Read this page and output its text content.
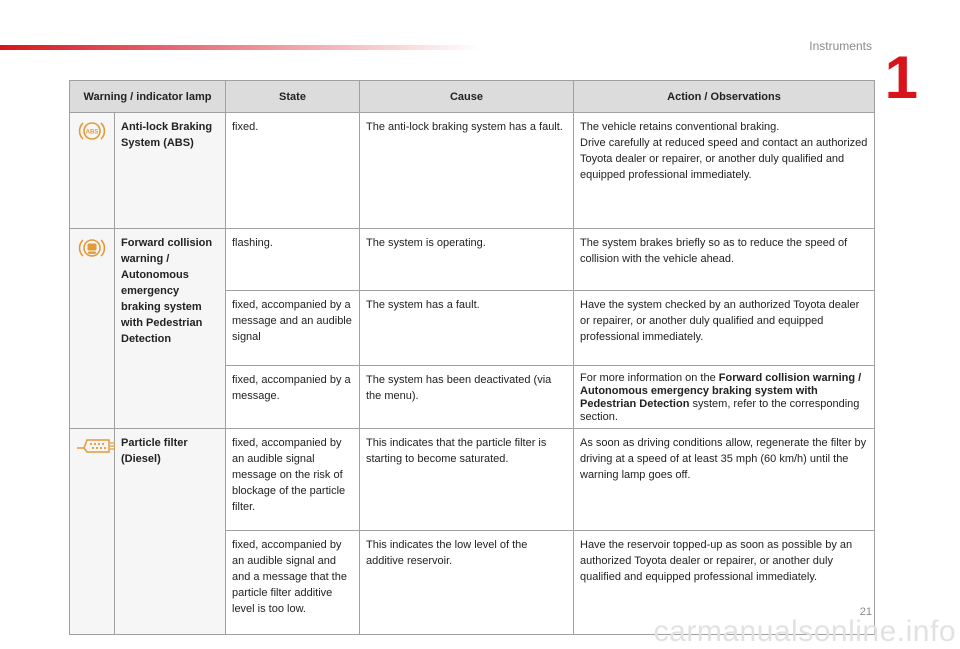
Instruments 1
Warning / indicator lamp		State	Cause	Action / Observations

ABS	Anti-lock Braking System (ABS)	fixed.	The anti-lock braking system has a fault.	The vehicle retains conventional braking.
Drive carefully at reduced speed and contact an authorized Toyota dealer or repairer, or another duly qualified and equipped professional immediately.
	Forward collision warning / Autonomous emergency braking system with Pedestrian Detection	flashing.	The system is operating.	The system brakes briefly so as to reduce the speed of collision with the vehicle ahead.
		fixed, accompanied by a message and an audible signal	The system has a fault.	Have the system checked by an authorized Toyota dealer or repairer, or another duly qualified and equipped professional immediately.
		fixed, accompanied by a message.	The system has been deactivated (via the menu).	For more information on the Forward collision warning / Autonomous emergency braking system with Pedestrian Detection system, refer to the corresponding section.
	Particle filter (Diesel)	fixed, accompanied by an audible signal message on the risk of blockage of the particle filter.	This indicates that the particle filter is starting to become saturated.	As soon as driving conditions allow, regenerate the filter by driving at a speed of at least 35 mph (60 km/h) until the warning lamp goes off.
		fixed, accompanied by an audible signal and and a message that the particle filter additive level is too low.	This indicates the low level of the additive reservoir.	Have the reservoir topped-up as soon as possible by an authorized Toyota dealer or repairer, or another duly qualified and equipped professional immediately.
21
carmanualsonline.info
